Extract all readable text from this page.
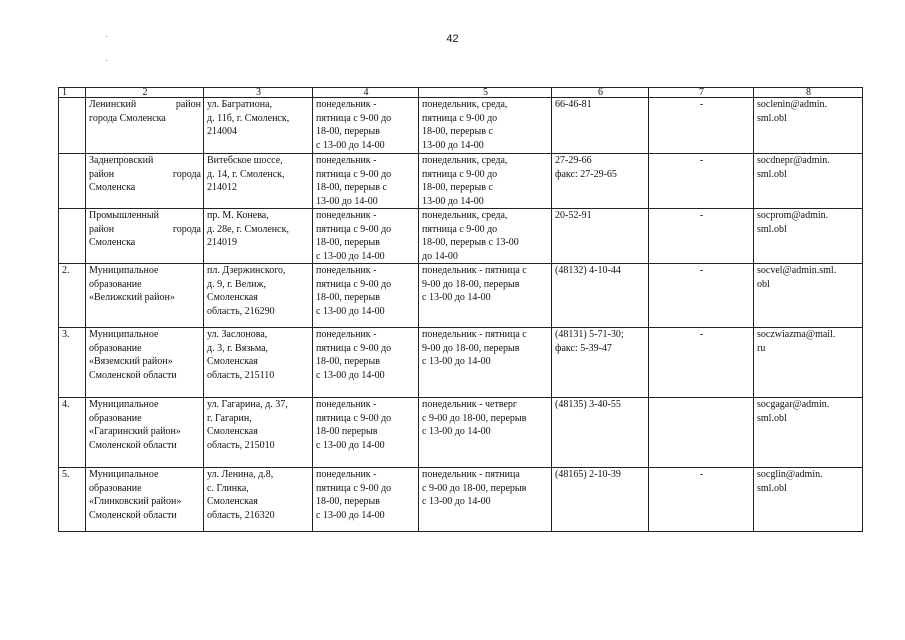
42
1	2	3	4	5	6	7	8

	Ленинский район
города Смоленска	ул. Багратиона,
д. 11б, г. Смоленск,
214004	понедельник -
пятница с 9-00 до
18-00, перерыв
с 13-00 до 14-00	понедельник, среда,
пятница с 9-00 до
18-00, перерыв с
13-00 до 14-00	66-46-81	-	soclenin@admin.
sml.obl

	Заднепровский
район города
Смоленска	Витебское шоссе,
д. 14, г. Смоленск,
214012	понедельник -
пятница с 9-00 до
18-00, перерыв с
13-00 до 14-00	понедельник, среда,
пятница с 9-00 до
18-00, перерыв с
13-00 до 14-00	27-29-66
факс: 27-29-65	-	socdnepr@admin.
sml.obl

	Промышленный
район города
Смоленска	пр. М. Конева,
д. 28е, г. Смоленск,
214019	понедельник -
пятница с 9-00 до
18-00, перерыв
с 13-00 до 14-00	понедельник, среда,
пятница с 9-00 до
18-00, перерыв с 13-00
до 14-00	20-52-91	-	socprom@admin.
sml.obl

2.	Муниципальное
образование
«Велижский район»	пл. Дзержинского,
д. 9, г. Велиж,
Смоленская
область, 216290	понедельник -
пятница с 9-00 до
18-00, перерыв
с 13-00 до 14-00	понедельник - пятница с
9-00 до 18-00, перерыв
с 13-00 до 14-00	(48132) 4-10-44	-	socvel@admin.sml.
obl

3.	Муниципальное
образование
«Вяземский район»
Смоленской области	ул. Заслонова,
д. 3, г. Вязьма,
Смоленская
область, 215110	понедельник -
пятница с 9-00 до
18-00, перерыв
с 13-00 до 14-00	понедельник - пятница с
9-00 до 18-00, перерыв
с 13-00 до 14-00	(48131) 5-71-30;
факс: 5-39-47	-	soczwiazma@mail.
ru

4.	Муниципальное
образование
«Гагаринский район»
Смоленской области	ул. Гагарина, д. 37,
г. Гагарин,
Смоленская
область, 215010	понедельник -
пятница с 9-00 до
18-00 перерыв
с 13-00 до 14-00	понедельник - четверг
с 9-00 до 18-00, перерыв
с 13-00 до 14-00	(48135) 3-40-55		socgagar@admin.
sml.obl

5.	Муниципальное
образование
«Глинковский район»
Смоленской области	ул. Ленина, д.8,
с. Глинка,
Смоленская
область, 216320	понедельник -
пятница с 9-00 до
18-00, перерыв
с 13-00 до 14-00	понедельник - пятница
с 9-00 до 18-00, перерыв
с 13-00 до 14-00	(48165) 2-10-39	-	socglin@admin.
sml.obl
